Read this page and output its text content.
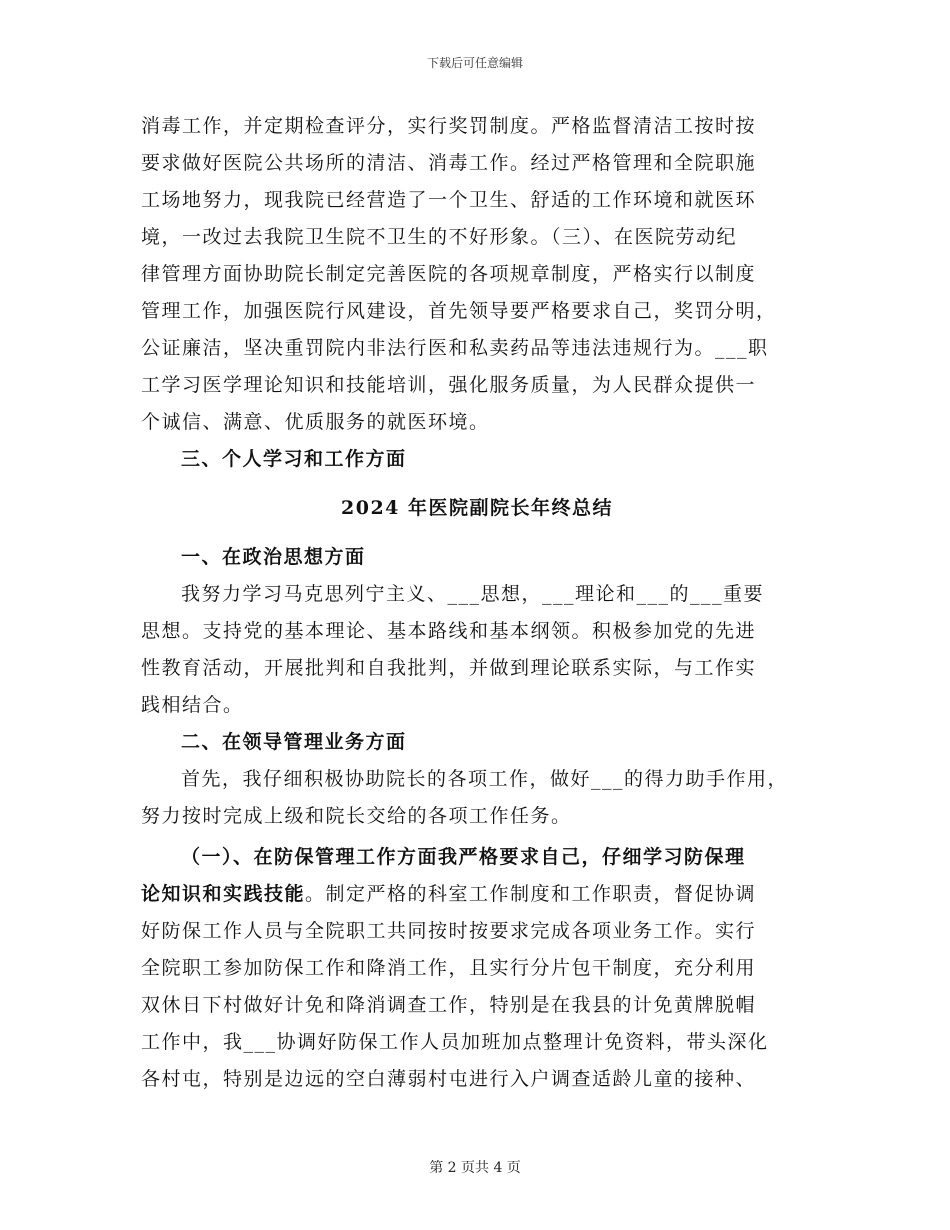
下载后可任意编辑
消毒工作，并定期检查评分，实行奖罚制度。严格监督清洁工按时按
要求做好医院公共场所的清洁、消毒工作。经过严格管理和全院职施
工场地努力，现我院已经营造了一个卫生、舒适的工作环境和就医环
境，一改过去我院卫生院不卫生的不好形象。（三）、在医院劳动纪
律管理方面协助院长制定完善医院的各项规章制度，严格实行以制度
管理工作，加强医院行风建设，首先领导要严格要求自己，奖罚分明，
公证廉洁，坚决重罚院内非法行医和私卖药品等违法违规行为。___职
工学习医学理论知识和技能培训，强化服务质量，为人民群众提供一
个诚信、满意、优质服务的就医环境。
三、个人学习和工作方面
2024 年医院副院长年终总结
一、在政治思想方面
我努力学习马克思列宁主义、___思想，___理论和___的___重要
思想。支持党的基本理论、基本路线和基本纲领。积极参加党的先进
性教育活动，开展批判和自我批判，并做到理论联系实际，与工作实
践相结合。
二、在领导管理业务方面
首先，我仔细积极协助院长的各项工作，做好___的得力助手作用，
努力按时完成上级和院长交给的各项工作任务。
（一）、在防保管理工作方面我严格要求自己，仔细学习防保理
论知识和实践技能。制定严格的科室工作制度和工作职责，督促协调
好防保工作人员与全院职工共同按时按要求完成各项业务工作。实行
全院职工参加防保工作和降消工作，且实行分片包干制度，充分利用
双休日下村做好计免和降消调查工作，特别是在我县的计免黄牌脱帽
工作中，我___协调好防保工作人员加班加点整理计免资料，带头深化
各村屯，特别是边远的空白薄弱村屯进行入户调查适龄儿童的接种、
第 2 页共 4 页
